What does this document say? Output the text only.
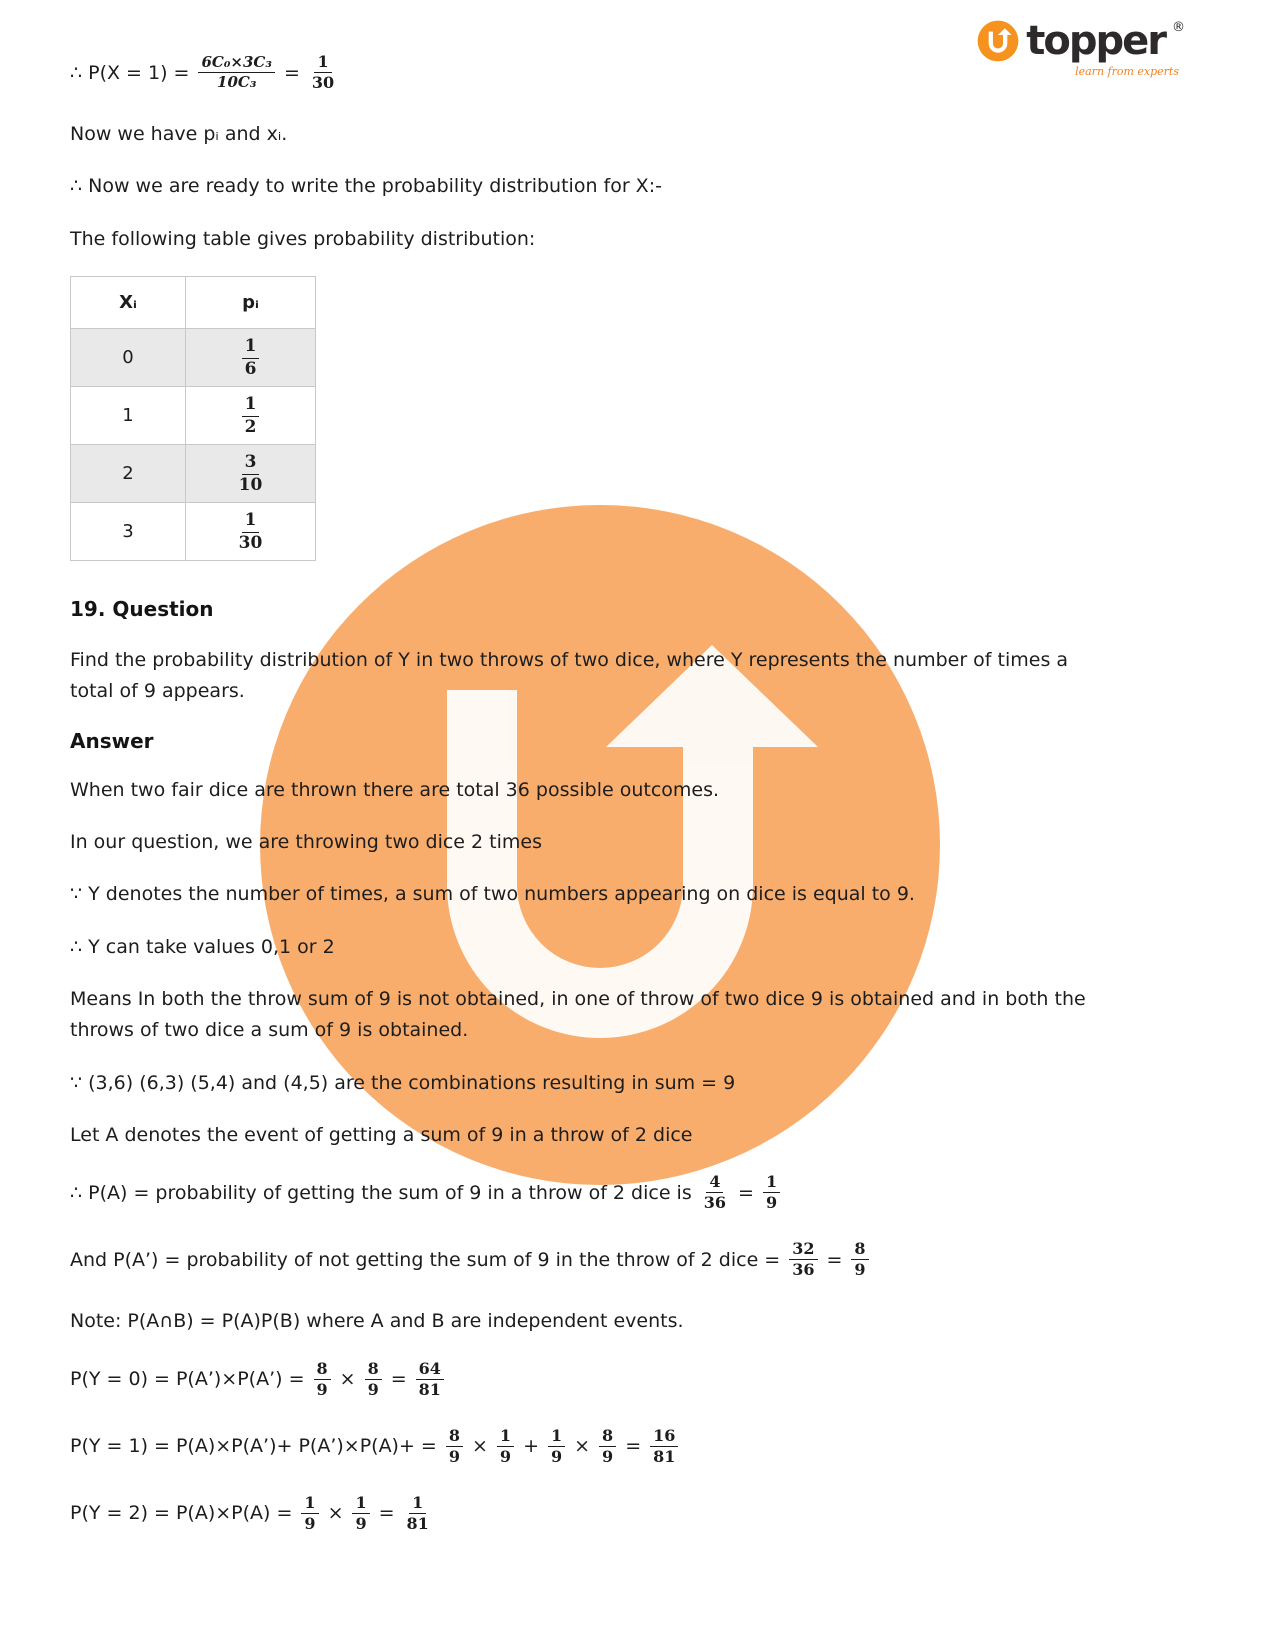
topper ®
learn from experts
∴ $P(X = 1) = \frac{\text{6C₀×3C₃}}{\text{10C₃}} = \frac{1}{30}$

Now we have pᵢ and xᵢ.

∴ Now we are ready to write the probability distribution for X:-

The following table gives probability distribution:

Xᵢ	pᵢ
0	$\frac{1}{6}$

1	$\frac{1}{2}$

2	$\frac{3}{10}$

3	$\frac{1}{30}$
19. Question

Find the probability distribution of Y in two throws of two dice, where Y represents the number of times a total of 9 appears.

Answer

When two fair dice are thrown there are total 36 possible outcomes.

In our question, we are throwing two dice 2 times

∵ Y denotes the number of times, a sum of two numbers appearing on dice is equal to 9.

∴ Y can take values 0,1 or 2

Means In both the throw sum of 9 is not obtained, in one of throw of two dice 9 is obtained and in both the throws of two dice a sum of 9 is obtained.

∵ (3,6) (6,3) (5,4) and (4,5) are the combinations resulting in sum = 9

Let A denotes the event of getting a sum of 9 in a throw of 2 dice

∴ P(A) = probability of getting the sum of 9 in a throw of 2 dice is $\frac{4}{36} = \frac{1}{9}$
And P(A’) = probability of not getting the sum of 9 in the throw of 2 dice = $\frac{32}{36} = \frac{8}{9}$

Note: P(A∩B) = P(A)P(B) where A and B are independent events.

P(Y = 0) = P(A’)×P(A’) = $\frac{8}{9} \times \frac{8}{9} = \frac{64}{81}$
P(Y = 1) = P(A)×P(A’)+ P(A’)×P(A)+ = $\frac{8}{9} \times \frac{1}{9} + \frac{1}{9} \times \frac{8}{9} = \frac{16}{81}$
$P(Y = 2) = P(A)\times P(A) = \frac{1}{9} \times \frac{1}{9} = \frac{1}{81}$
